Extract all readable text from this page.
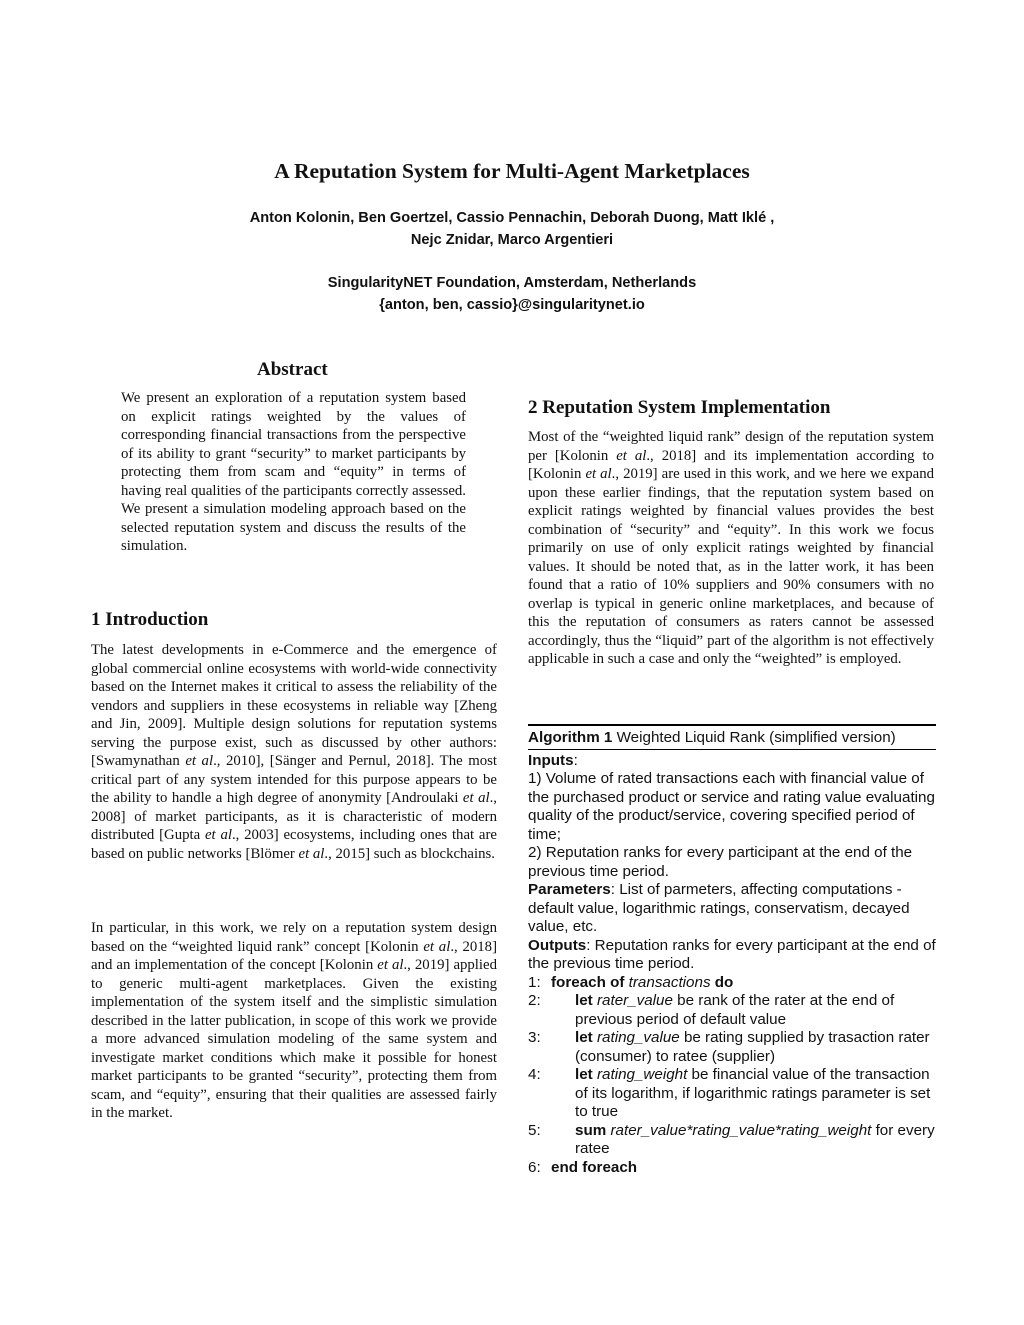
A Reputation System for Multi-Agent Marketplaces
Anton Kolonin, Ben Goertzel, Cassio Pennachin, Deborah Duong, Matt Iklé ,
Nejc Znidar, Marco Argentieri
SingularityNET Foundation, Amsterdam, Netherlands
{anton, ben, cassio}@singularitynet.io
Abstract
We present an exploration of a reputation system based on explicit ratings weighted by the values of corresponding financial transactions from the perspective of its ability to grant “security” to market participants by protecting them from scam and “equity” in terms of having real qualities of the participants correctly assessed. We present a simulation modeling approach based on the selected reputation system and discuss the results of the simulation.
1 Introduction
The latest developments in e-Commerce and the emergence of global commercial online ecosystems with world-wide connectivity based on the Internet makes it critical to assess the reliability of the vendors and suppliers in these ecosystems in reliable way [Zheng and Jin, 2009]. Multiple design solutions for reputation systems serving the purpose exist, such as discussed by other authors: [Swamynathan et al., 2010], [Sänger and Pernul, 2018]. The most critical part of any system intended for this purpose appears to be the ability to handle a high degree of anonymity [Androulaki et al., 2008] of market participants, as it is characteristic of modern distributed [Gupta et al., 2003] ecosystems, including ones that are based on public networks [Blömer et al., 2015] such as blockchains.
In particular, in this work, we rely on a reputation system design based on the “weighted liquid rank” concept [Kolonin et al., 2018] and an implementation of the concept [Kolonin et al., 2019] applied to generic multi-agent marketplaces. Given the existing implementation of the system itself and the simplistic simulation described in the latter publication, in scope of this work we provide a more advanced simulation modeling of the same system and investigate market conditions which make it possible for honest market participants to be granted “security”, protecting them from scam, and “equity”, ensuring that their qualities are assessed fairly in the market.
2 Reputation System Implementation
Most of the “weighted liquid rank” design of the reputation system per [Kolonin et al., 2018] and its implementation according to [Kolonin et al., 2019] are used in this work, and we here we expand upon these earlier findings, that the reputation system based on explicit ratings weighted by financial values provides the best combination of “security” and “equity”. In this work we focus primarily on use of only explicit ratings weighted by financial values. It should be noted that, as in the latter work, it has been found that a ratio of 10% suppliers and 90% consumers with no overlap is typical in generic online marketplaces, and because of this the reputation of consumers as raters cannot be assessed accordingly, thus the “liquid” part of the algorithm is not effectively applicable in such a case and only the “weighted” is employed.
Algorithm 1 Weighted Liquid Rank (simplified version)
Inputs:
1) Volume of rated transactions each with financial value of the purchased product or service and rating value evaluating quality of the product/service, covering specified period of time;
2) Reputation ranks for every participant at the end of the previous time period.
Parameters: List of parmeters, affecting computations - default value, logarithmic ratings, conservatism, decayed value, etc.
Outputs: Reputation ranks for every participant at the end of the previous time period.
1: foreach of transactions do
2: let rater_value be rank of the rater at the end of previous period of default value
3: let rating_value be rating supplied by trasaction rater (consumer) to ratee (supplier)
4: let rating_weight be financial value of the transaction of its logarithm, if logarithmic ratings parameter is set to true
5: sum rater_value*rating_value*rating_weight for every ratee
6: end foreach
